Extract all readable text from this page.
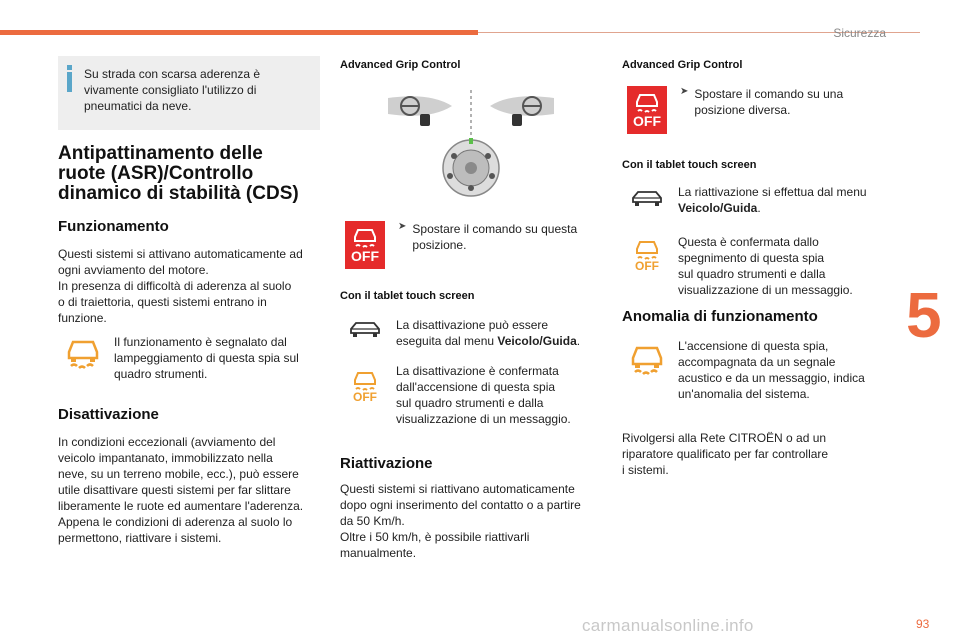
Sicurezza
5
93
carmanualsonline.info

Su strada con scarsa aderenza è
vivamente consigliato l'utilizzo di
pneumatici da neve.

Antipattinamento delle
ruote (ASR)/Controllo
dinamico di stabilità (CDS)
Funzionamento

Questi sistemi si attivano automaticamente ad
ogni avviamento del motore.
In presenza di difficoltà di aderenza al suolo
o di traiettoria, questi sistemi entrano in
funzione.

Il funzionamento è segnalato dal
lampeggiamento di questa spia sul
quadro strumenti.

Disattivazione

In condizioni eccezionali (avviamento del
veicolo impantanato, immobilizzato nella
neve, su un terreno mobile, ecc.), può essere
utile disattivare questi sistemi per far slittare
liberamente le ruote ed aumentare l'aderenza.
Appena le condizioni di aderenza al suolo lo
permettono, riattivare i sistemi.

Advanced Grip Control
OFF
➤ Spostare il comando su questa
posizione.

Con il tablet touch screen

La disattivazione può essere
eseguita dal menu Veicolo/Guida.

OFF

La disattivazione è confermata
dall'accensione di questa spia
sul quadro strumenti e dalla
visualizzazione di un messaggio.

Riattivazione

Questi sistemi si riattivano automaticamente
dopo ogni inserimento del contatto o a partire
da 50 Km/h.
Oltre i 50 km/h, è possibile riattivarli
manualmente.

Advanced Grip Control
OFF
➤ Spostare il comando su una
posizione diversa.

Con il tablet touch screen

La riattivazione si effettua dal menu
Veicolo/Guida.

OFF

Questa è confermata dallo
spegnimento di questa spia
sul quadro strumenti e dalla
visualizzazione di un messaggio.

Anomalia di funzionamento

L'accensione di questa spia,
accompagnata da un segnale
acustico e da un messaggio, indica
un'anomalia del sistema.

Rivolgersi alla Rete CITROËN o ad un
riparatore qualificato per far controllare
i sistemi.
